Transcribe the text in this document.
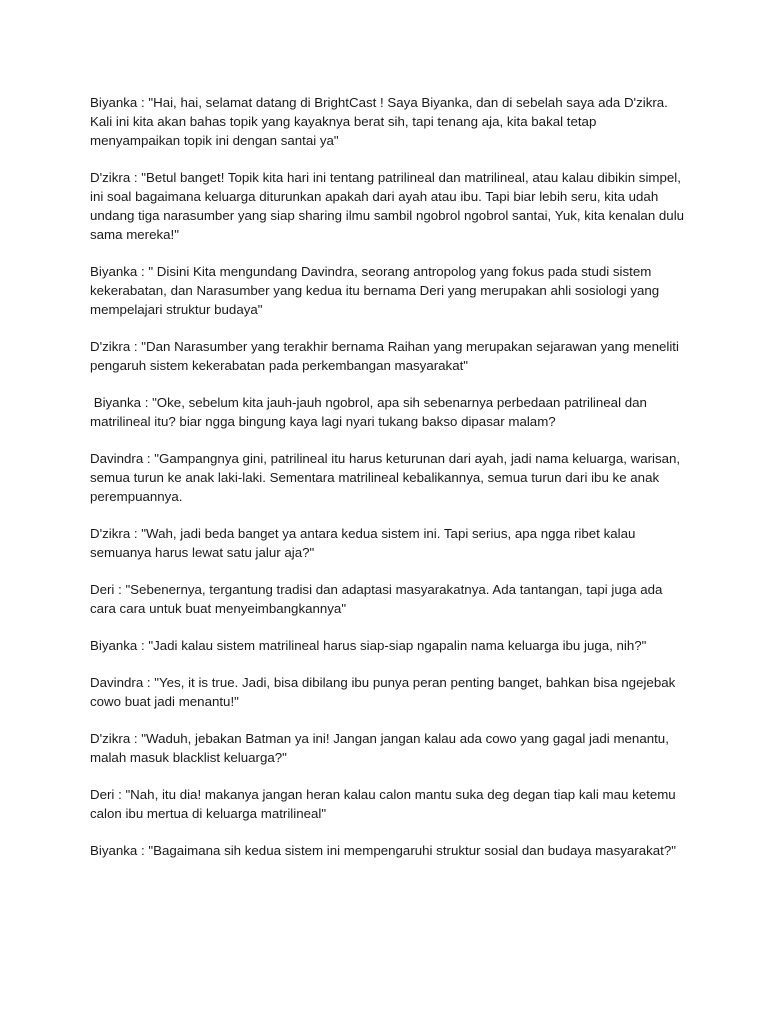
Biyanka : "Hai, hai, selamat datang di BrightCast ! Saya Biyanka, dan di sebelah saya ada D'zikra. Kali ini kita akan bahas topik yang kayaknya berat sih, tapi tenang aja, kita bakal tetap menyampaikan topik ini dengan santai ya"

D'zikra : "Betul banget! Topik kita hari ini tentang patrilineal dan matrilineal, atau kalau dibikin simpel, ini soal bagaimana keluarga diturunkan apakah dari ayah atau ibu. Tapi biar lebih seru, kita udah undang tiga narasumber yang siap sharing ilmu sambil ngobrol ngobrol santai, Yuk, kita kenalan dulu sama mereka!"

Biyanka : " Disini Kita mengundang Davindra, seorang antropolog yang fokus pada studi sistem kekerabatan, dan Narasumber yang kedua itu bernama Deri yang merupakan ahli sosiologi yang mempelajari struktur budaya"

D'zikra : "Dan Narasumber yang terakhir bernama Raihan yang merupakan sejarawan yang meneliti pengaruh sistem kekerabatan pada perkembangan masyarakat"

Biyanka : "Oke, sebelum kita jauh-jauh ngobrol, apa sih sebenarnya perbedaan patrilineal dan matrilineal itu? biar ngga bingung kaya lagi nyari tukang bakso dipasar malam?

Davindra : "Gampangnya gini, patrilineal itu harus keturunan dari ayah, jadi nama keluarga, warisan, semua turun ke anak laki-laki. Sementara matrilineal kebalikannya, semua turun dari ibu ke anak perempuannya.

D'zikra : "Wah, jadi beda banget ya antara kedua sistem ini. Tapi serius, apa ngga ribet kalau semuanya harus lewat satu jalur aja?"

Deri : "Sebenernya, tergantung tradisi dan adaptasi masyarakatnya. Ada tantangan, tapi juga ada cara cara untuk buat menyeimbangkannya"

Biyanka : "Jadi kalau sistem matrilineal harus siap-siap ngapalin nama keluarga ibu juga, nih?"

Davindra : "Yes, it is true. Jadi, bisa dibilang ibu punya peran penting banget, bahkan bisa ngejebak cowo buat jadi menantu!"

D'zikra : "Waduh, jebakan Batman ya ini! Jangan jangan kalau ada cowo yang gagal jadi menantu, malah masuk blacklist keluarga?"

Deri : "Nah, itu dia! makanya jangan heran kalau calon mantu suka deg degan tiap kali mau ketemu calon ibu mertua di keluarga matrilineal"

Biyanka : "Bagaimana sih kedua sistem ini mempengaruhi struktur sosial dan budaya masyarakat?"
